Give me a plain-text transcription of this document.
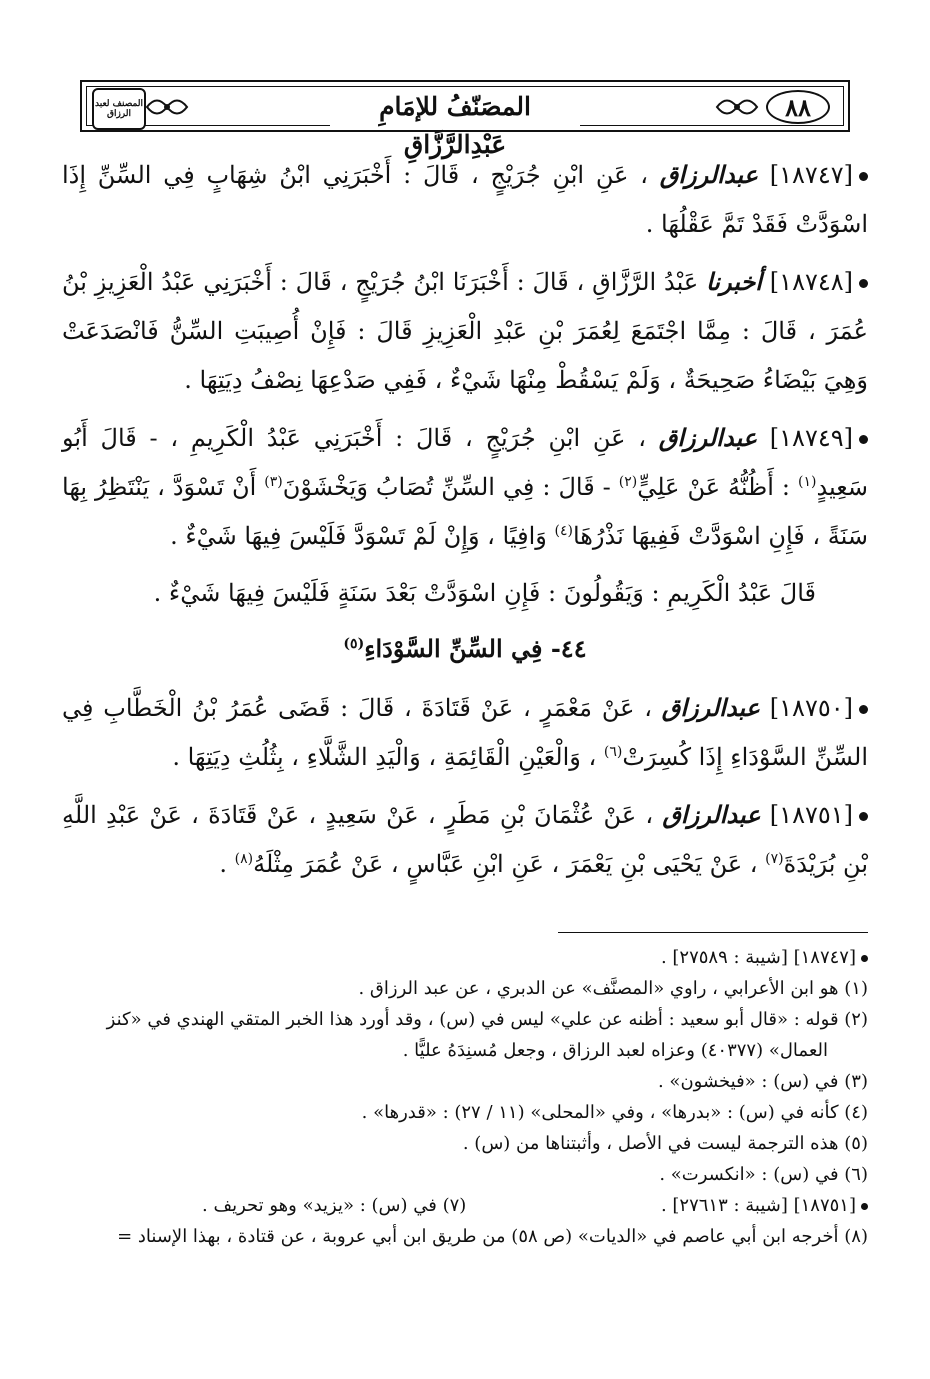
٨٨
المصَنّفُ للإمَامِ عَبْدِالرَّزَّاقِ
المصنف لعبد الرزاق

[١٨٧٤٧] عبدالرزاق ، عَنِ ابْنِ جُرَيْجٍ ، قَالَ : أَخْبَرَنِي ابْنُ شِهَابٍ فِي السِّنِّ إِذَا اسْوَدَّتْ فَقَدْ تَمَّ عَقْلُهَا .

[١٨٧٤٨] أخبرنا عَبْدُ الرَّزَّاقِ ، قَالَ : أَخْبَرَنَا ابْنُ جُرَيْجٍ ، قَالَ : أَخْبَرَنِي عَبْدُ الْعَزِيزِ بْنُ عُمَرَ ، قَالَ : مِمَّا اجْتَمَعَ لِعُمَرَ بْنِ عَبْدِ الْعَزِيزِ قَالَ : فَإِنْ أُصِيبَتِ السِّنُّ فَانْصَدَعَتْ وَهِيَ بَيْضَاءُ صَحِيحَةٌ ، وَلَمْ يَسْقُطْ مِنْهَا شَيْءٌ ، فَفِي صَدْعِهَا نِصْفُ دِيَتِهَا .

[١٨٧٤٩] عبدالرزاق ، عَنِ ابْنِ جُرَيْجٍ ، قَالَ : أَخْبَرَنِي عَبْدُ الْكَرِيمِ ، - قَالَ أَبُو سَعِيدٍ$^{(١)}$ : أَظُنُّهُ عَنْ عَلِيٍّ$^{(٢)}$ - قَالَ : فِي السِّنِّ تُصَابُ وَيَخْشَوْنَ$^{(٣)}$ أَنْ تَسْوَدَّ ، يَنْتَظِرُ بِهَا سَنَةً ، فَإِنِ اسْوَدَّتْ فَفِيهَا نَذْرُهَا$^{(٤)}$ وَافِيًا ، وَإِنْ لَمْ تَسْوَدَّ فَلَيْسَ فِيهَا شَيْءٌ .

قَالَ عَبْدُ الْكَرِيمِ : وَيَقُولُونَ : فَإِنِ اسْوَدَّتْ بَعْدَ سَنَةٍ فَلَيْسَ فِيهَا شَيْءٌ .

٤٤- فِي السِّنِّ السَّوْدَاءِ$^{(٥)}$

[١٨٧٥٠] عبدالرزاق ، عَنْ مَعْمَرٍ ، عَنْ قَتَادَةَ ، قَالَ : قَضَى عُمَرُ بْنُ الْخَطَّابِ فِي السِّنِّ السَّوْدَاءِ إِذَا كُسِرَتْ$^{(٦)}$ ، وَالْعَيْنِ الْقَائِمَةِ ، وَالْيَدِ الشَّلَّاءِ ، بِثُلُثِ دِيَتِهَا .

[١٨٧٥١] عبدالرزاق ، عَنْ عُثْمَانَ بْنِ مَطَرٍ ، عَنْ سَعِيدٍ ، عَنْ قَتَادَةَ ، عَنْ عَبْدِ اللَّهِ بْنِ بُرَيْدَةَ$^{(٧)}$ ، عَنْ يَحْيَى بْنِ يَعْمَرَ ، عَنِ ابْنِ عَبَّاسٍ ، عَنْ عُمَرَ مِثْلَهُ$^{(٨)}$ .

[١٨٧٤٧] [شيبة : ٢٧٥٨٩] .

(١) هو ابن الأعرابي ، راوي «المصنَّف» عن الدبري ، عن عبد الرزاق .

(٢) قوله : «قال أبو سعيد : أظنه عن علي» ليس في (س) ، وقد أورد هذا الخبر المتقي الهندي في «كنز

العمال» (٤٠٣٧٧) وعزاه لعبد الرزاق ، وجعل مُسنِدَهُ عليًّا .

(٣) في (س) : «فيخشون» .

(٤) كأنه في (س) : «بدرها» ، وفي «المحلى» (١١ / ٢٧) : «قدرها» .

(٥) هذه الترجمة ليست في الأصل ، وأثبتناها من (س) .

(٦) في (س) : «انكسرت» .

[١٨٧٥١] [شيبة : ٢٧٦١٣] .
(٧) في (س) : «يزيد» وهو تحريف .

(٨) أخرجه ابن أبي عاصم في «الديات» (ص ٥٨) من طريق ابن أبي عروبة ، عن قتادة ، بهذا الإسناد =
